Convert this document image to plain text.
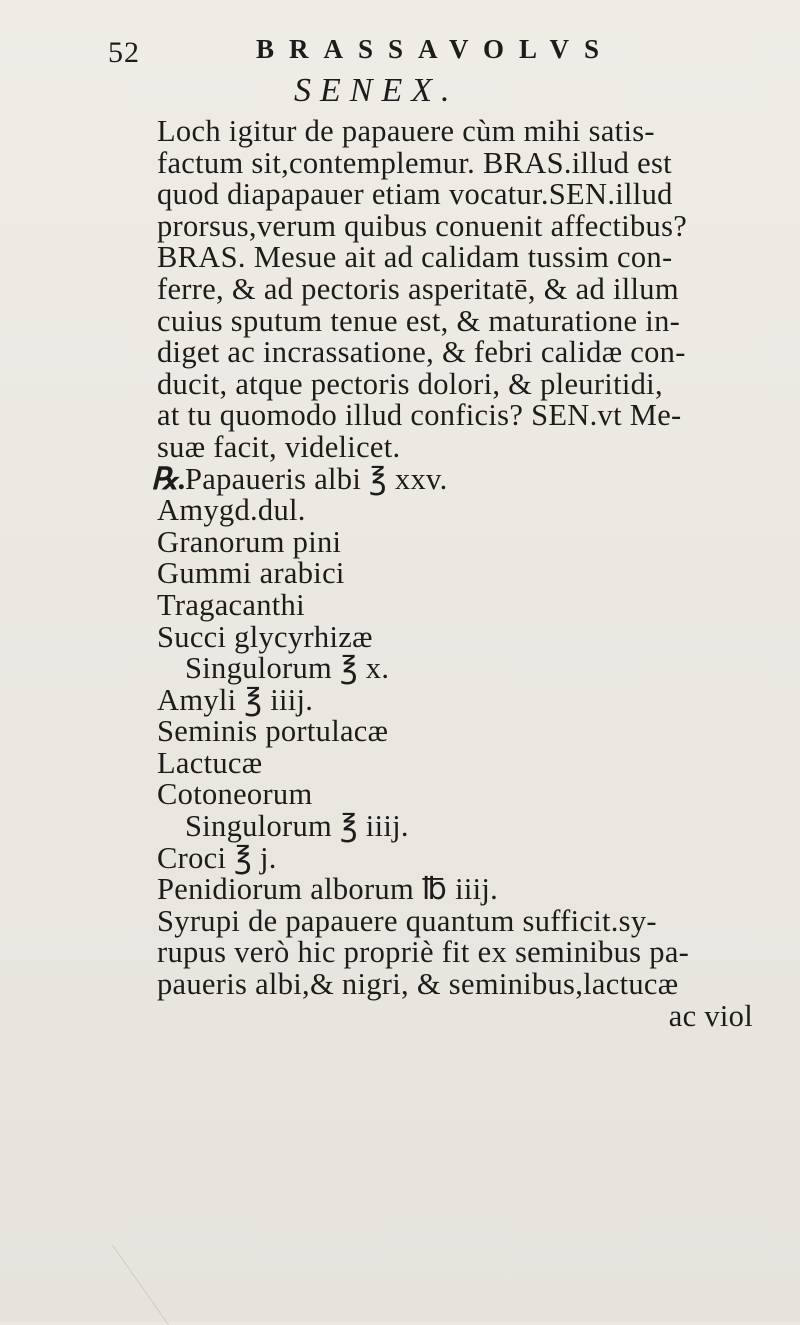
52	BRASSAVOLVS
SENEX.
Loch igitur de papauere cùm mihi satis-
factum sit,contemplemur. BRAS.illud est
quod diapapauer etiam vocatur.SEN.illud
prorsus,verum quibus conuenit affectibus?
BRAS. Mesue ait ad calidam tussim con-
ferre, & ad pectoris asperitatē, & ad illum
cuius sputum tenue est, & maturatione in-
diget ac incrassatione, & febri calidæ con-
ducit, atque pectoris dolori, & pleuritidi,
at tu quomodo illud conficis? SEN.vt Me-
suæ facit, videlicet.
℞.
Papaueris albi ℥ xxv.
Amygd.dul.
Granorum pini
Gummi arabici
Tragacanthi
Succi glycyrhizæ
Singulorum ℥ x.
Amyli ℥ iiij.
Seminis portulacæ
Lactucæ
Cotoneorum
Singulorum ℥ iiij.
Croci ℥ j.
Penidiorum alborum ℔ iiij.
Syrupi de papauere quantum sufficit.sy-
rupus verò hic propriè fit ex seminibus pa-
paueris albi,& nigri, & seminibus,lactucæ
ac viol
